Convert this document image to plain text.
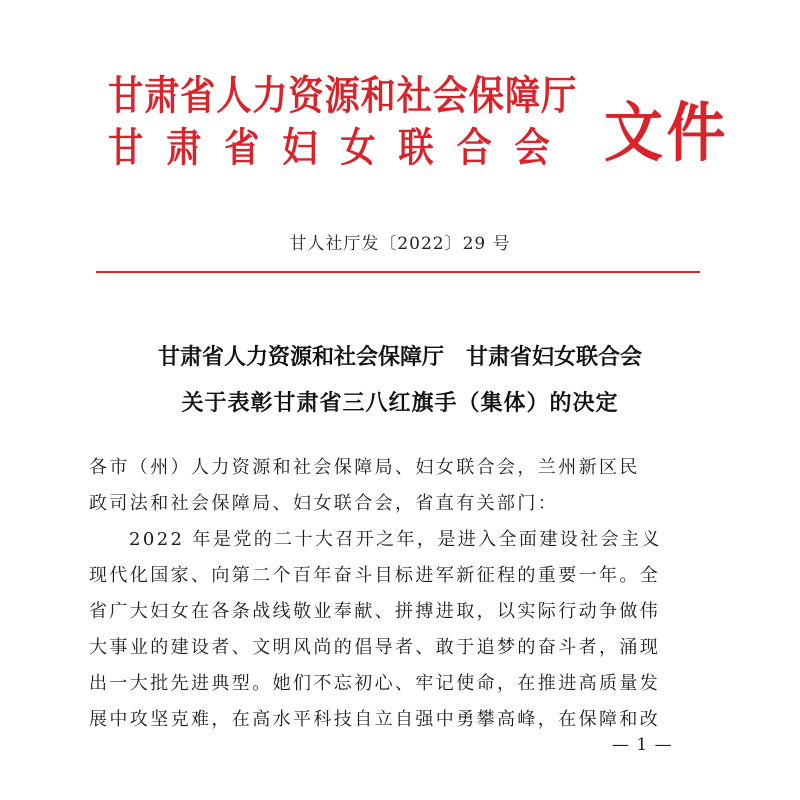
甘肃省人力资源和社会保障厅
甘肃省妇女联合会 文件
甘人社厅发〔2022〕29 号
甘肃省人力资源和社会保障厅　甘肃省妇女联合会
关于表彰甘肃省三八红旗手（集体）的决定
各市（州）人力资源和社会保障局、妇女联合会，兰州新区民
政司法和社会保障局、妇女联合会，省直有关部门：
2022 年是党的二十大召开之年，是进入全面建设社会主义
现代化国家、向第二个百年奋斗目标进军新征程的重要一年。全
省广大妇女在各条战线敬业奉献、拼搏进取，以实际行动争做伟
大事业的建设者、文明风尚的倡导者、敢于追梦的奋斗者，涌现
出一大批先进典型。她们不忘初心、牢记使命，在推进高质量发
展中攻坚克难，在高水平科技自立自强中勇攀高峰，在保障和改
— 1 —
